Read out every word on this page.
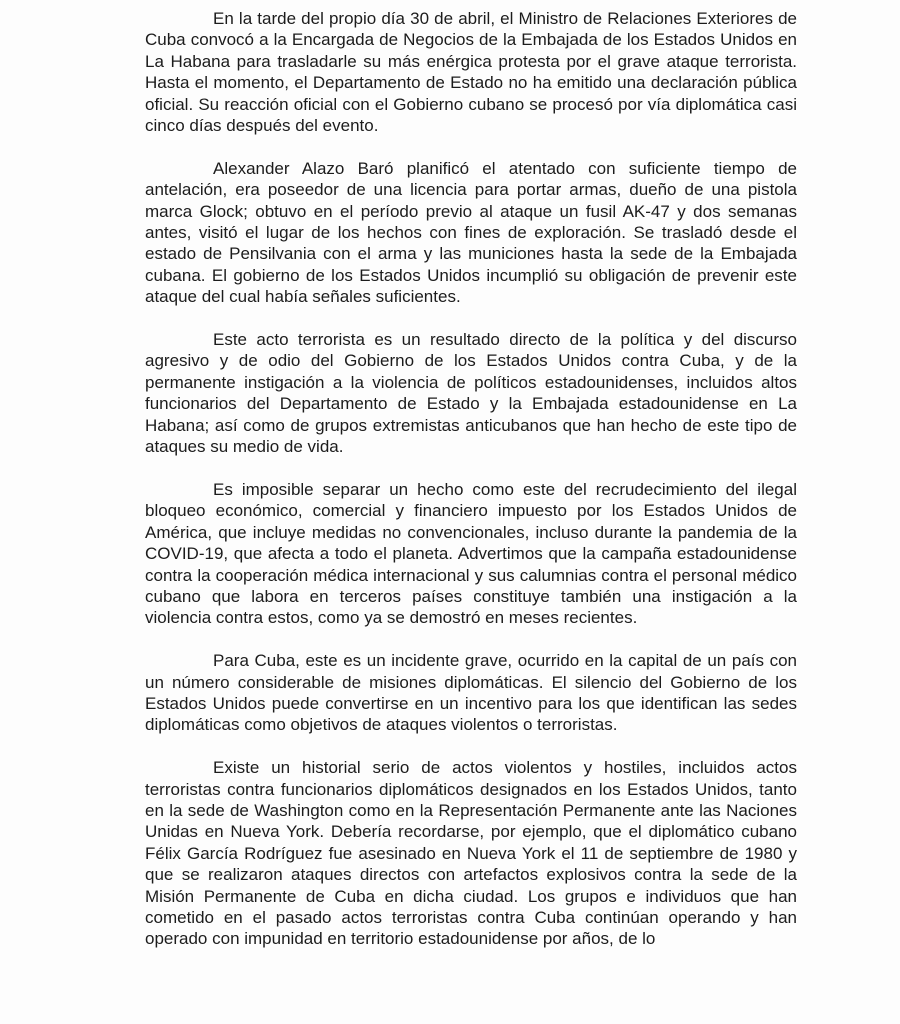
En la tarde del propio día 30 de abril, el Ministro de Relaciones Exteriores de Cuba convocó a la Encargada de Negocios de la Embajada de los Estados Unidos en La Habana para trasladarle su más enérgica protesta por el grave ataque terrorista. Hasta el momento, el Departamento de Estado no ha emitido una declaración pública oficial. Su reacción oficial con el Gobierno cubano se procesó por vía diplomática casi cinco días después del evento.

Alexander Alazo Baró planificó el atentado con suficiente tiempo de antelación, era poseedor de una licencia para portar armas, dueño de una pistola marca Glock; obtuvo en el período previo al ataque un fusil AK-47 y dos semanas antes, visitó el lugar de los hechos con fines de exploración. Se trasladó desde el estado de Pensilvania con el arma y las municiones hasta la sede de la Embajada cubana. El gobierno de los Estados Unidos incumplió su obligación de prevenir este ataque del cual había señales suficientes.

Este acto terrorista es un resultado directo de la política y del discurso agresivo y de odio del Gobierno de los Estados Unidos contra Cuba, y de la permanente instigación a la violencia de políticos estadounidenses, incluidos altos funcionarios del Departamento de Estado y la Embajada estadounidense en La Habana; así como de grupos extremistas anticubanos que han hecho de este tipo de ataques su medio de vida.

Es imposible separar un hecho como este del recrudecimiento del ilegal bloqueo económico, comercial y financiero impuesto por los Estados Unidos de América, que incluye medidas no convencionales, incluso durante la pandemia de la COVID-19, que afecta a todo el planeta. Advertimos que la campaña estadounidense contra la cooperación médica internacional y sus calumnias contra el personal médico cubano que labora en terceros países constituye también una instigación a la violencia contra estos, como ya se demostró en meses recientes.

Para Cuba, este es un incidente grave, ocurrido en la capital de un país con un número considerable de misiones diplomáticas. El silencio del Gobierno de los Estados Unidos puede convertirse en un incentivo para los que identifican las sedes diplomáticas como objetivos de ataques violentos o terroristas.

Existe un historial serio de actos violentos y hostiles, incluidos actos terroristas contra funcionarios diplomáticos designados en los Estados Unidos, tanto en la sede de Washington como en la Representación Permanente ante las Naciones Unidas en Nueva York. Debería recordarse, por ejemplo, que el diplomático cubano Félix García Rodríguez fue asesinado en Nueva York el 11 de septiembre de 1980 y que se realizaron ataques directos con artefactos explosivos contra la sede de la Misión Permanente de Cuba en dicha ciudad. Los grupos e individuos que han cometido en el pasado actos terroristas contra Cuba continúan operando y han operado con impunidad en territorio estadounidense por años, de lo
